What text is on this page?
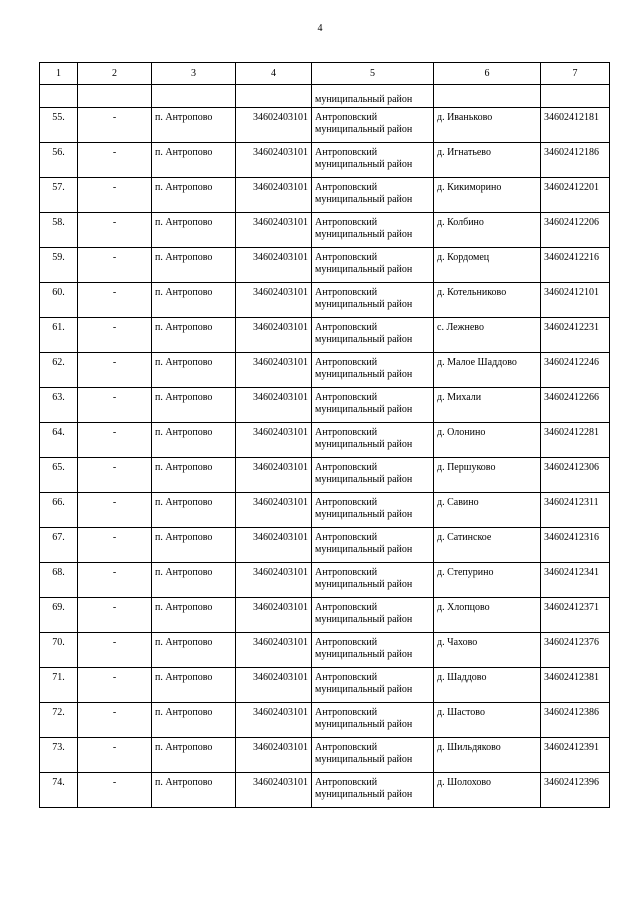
4
1	2	3	4	5	6	7
				муниципальный район		
55.	-	п. Антропово	34602403101	Антроповский
муниципальный район	д. Иваньково	34602412181
56.	-	п. Антропово	34602403101	Антроповский
муниципальный район	д. Игнатьево	34602412186
57.	-	п. Антропово	34602403101	Антроповский
муниципальный район	д. Кикиморино	34602412201
58.	-	п. Антропово	34602403101	Антроповский
муниципальный район	д. Колбино	34602412206
59.	-	п. Антропово	34602403101	Антроповский
муниципальный район	д. Кордомец	34602412216
60.	-	п. Антропово	34602403101	Антроповский
муниципальный район	д. Котельниково	34602412101
61.	-	п. Антропово	34602403101	Антроповский
муниципальный район	с. Лежнево	34602412231
62.	-	п. Антропово	34602403101	Антроповский
муниципальный район	д. Малое Шаддово	34602412246
63.	-	п. Антропово	34602403101	Антроповский
муниципальный район	д. Михали	34602412266
64.	-	п. Антропово	34602403101	Антроповский
муниципальный район	д. Олонино	34602412281
65.	-	п. Антропово	34602403101	Антроповский
муниципальный район	д. Першуково	34602412306
66.	-	п. Антропово	34602403101	Антроповский
муниципальный район	д. Савино	34602412311
67.	-	п. Антропово	34602403101	Антроповский
муниципальный район	д. Сатинское	34602412316
68.	-	п. Антропово	34602403101	Антроповский
муниципальный район	д. Степурино	34602412341
69.	-	п. Антропово	34602403101	Антроповский
муниципальный район	д. Хлопцово	34602412371
70.	-	п. Антропово	34602403101	Антроповский
муниципальный район	д. Чахово	34602412376
71.	-	п. Антропово	34602403101	Антроповский
муниципальный район	д. Шаддово	34602412381
72.	-	п. Антропово	34602403101	Антроповский
муниципальный район	д. Шастово	34602412386
73.	-	п. Антропово	34602403101	Антроповский
муниципальный район	д. Шильдяково	34602412391
74.	-	п. Антропово	34602403101	Антроповский
муниципальный район	д. Шолохово	34602412396
